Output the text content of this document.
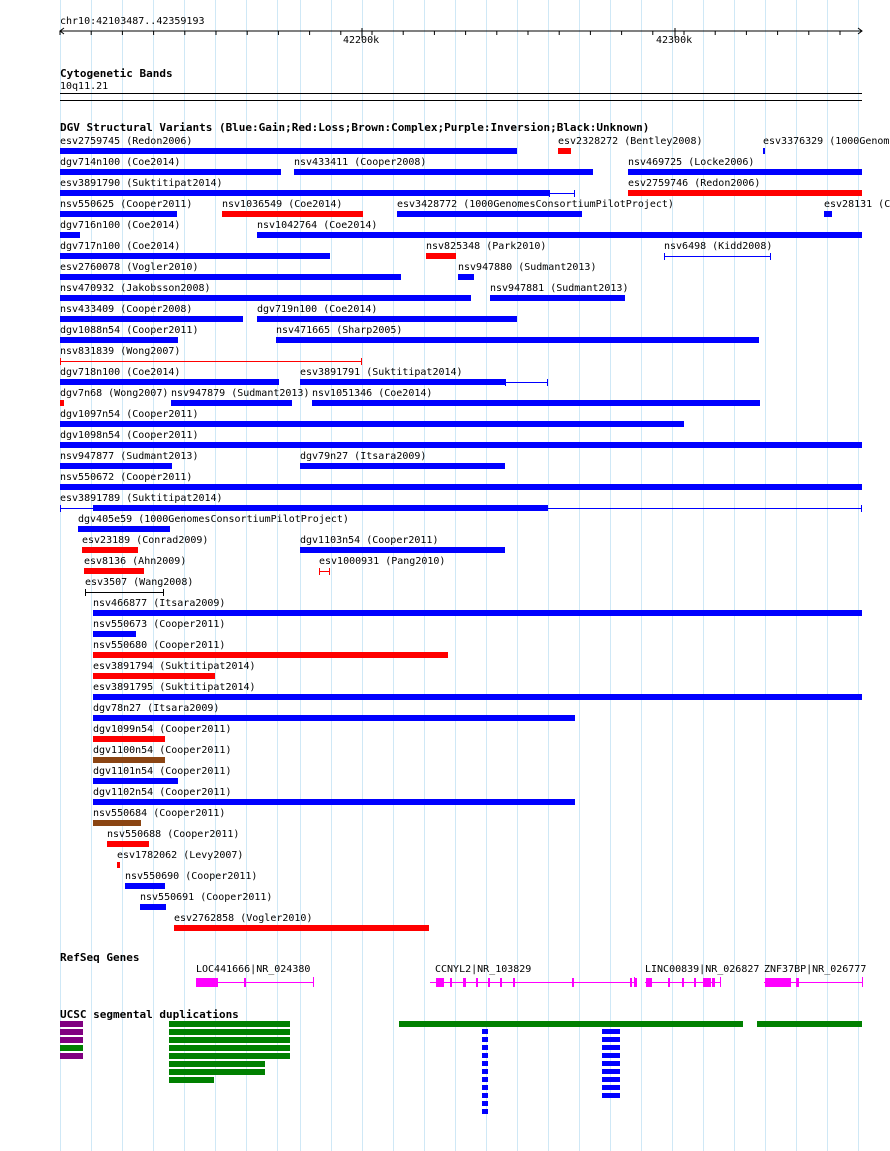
chr10:42103487..42359193
42200k	42300k
Cytogenetic Bands
10q11.21
DGV Structural Variants (Blue:Gain;Red:Loss;Brown:Complex;Purple:Inversion;Black:Unknown)
esv2759745 (Redon2006)	esv2328272 (Bentley2008)	esv3376329 (1000Genom
dgv714n100 (Coe2014)	nsv433411 (Cooper2008)	nsv469725 (Locke2006)
esv3891790 (Suktitipat2014)	esv2759746 (Redon2006)
nsv550625 (Cooper2011)	nsv1036549 (Coe2014)	esv3428772 (1000GenomesConsortiumPilotProject)	esv28131 (C
dgv716n100 (Coe2014)	nsv1042764 (Coe2014)
dgv717n100 (Coe2014)	nsv825348 (Park2010)	nsv6498 (Kidd2008)
esv2760078 (Vogler2010)	nsv947880 (Sudmant2013)
nsv470932 (Jakobsson2008)	nsv947881 (Sudmant2013)
nsv433409 (Cooper2008)	dgv719n100 (Coe2014)
dgv1088n54 (Cooper2011)	nsv471665 (Sharp2005)
nsv831839 (Wong2007)
dgv718n100 (Coe2014)	esv3891791 (Suktitipat2014)
dgv7n68 (Wong2007) nsv947879 (Sudmant2013) nsv1051346 (Coe2014)
dgv1097n54 (Cooper2011)
dgv1098n54 (Cooper2011)
nsv947877 (Sudmant2013)	dgv79n27 (Itsara2009)
nsv550672 (Cooper2011)
esv3891789 (Suktitipat2014)
dgv405e59 (1000GenomesConsortiumPilotProject)
esv23189 (Conrad2009)	dgv1103n54 (Cooper2011)
esv8136 (Ahn2009)	esv1000931 (Pang2010)
esv3507 (Wang2008)
nsv466877 (Itsara2009)
nsv550673 (Cooper2011)
nsv550680 (Cooper2011)
esv3891794 (Suktitipat2014)
esv3891795 (Suktitipat2014)
dgv78n27 (Itsara2009)
dgv1099n54 (Cooper2011)
dgv1100n54 (Cooper2011)
dgv1101n54 (Cooper2011)
dgv1102n54 (Cooper2011)
nsv550684 (Cooper2011)
nsv550688 (Cooper2011)
esv1782062 (Levy2007)
nsv550690 (Cooper2011)
nsv550691 (Cooper2011)
esv2762858 (Vogler2010)
RefSeq Genes
LOC441666|NR_024380	CCNYL2|NR_103829	LINC00839|NR_026827 ZNF37BP|NR_026777
UCSC segmental duplications
